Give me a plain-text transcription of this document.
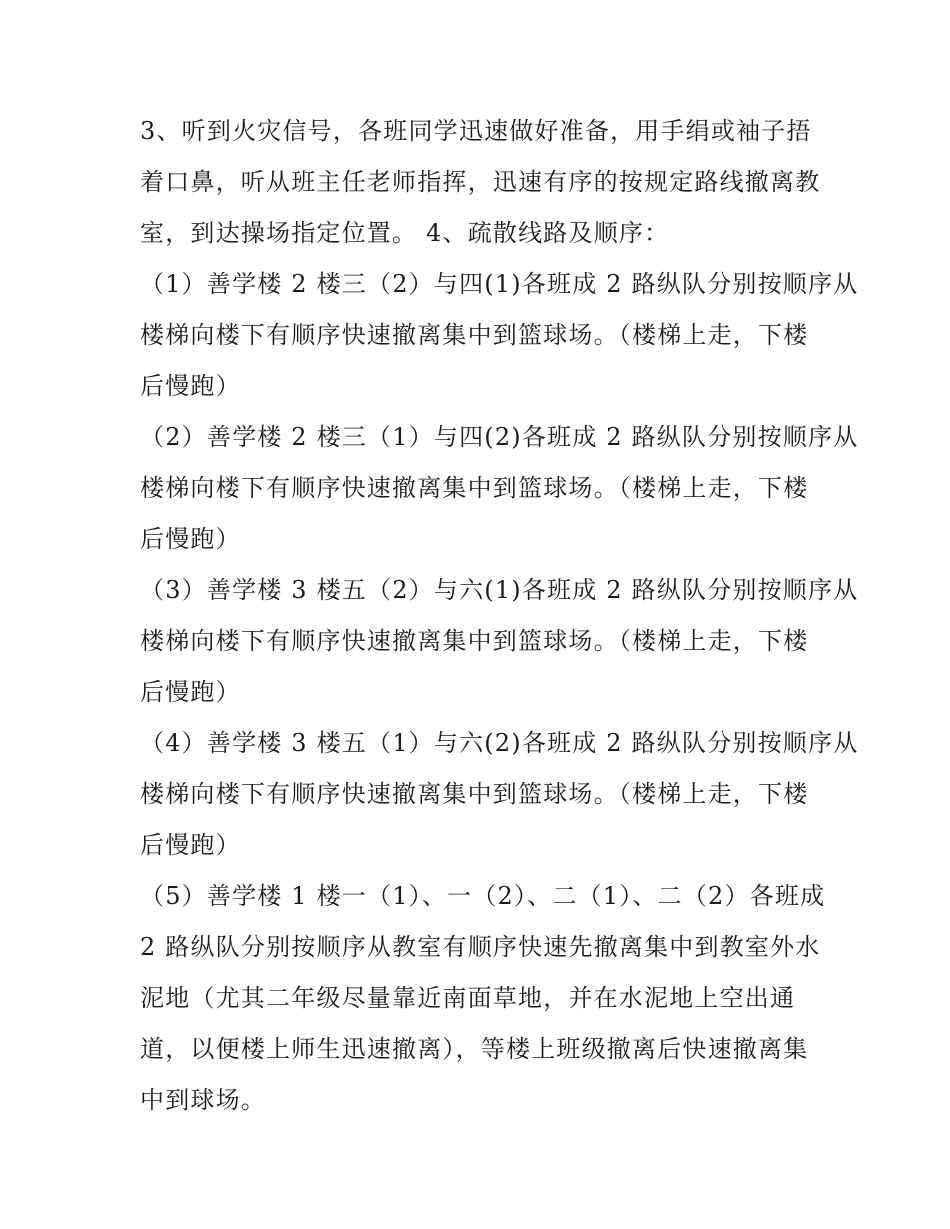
3、听到火灾信号，各班同学迅速做好准备，用手绢或袖子捂
着口鼻，听从班主任老师指挥，迅速有序的按规定路线撤离教
室，到达操场指定位置。 4、疏散线路及顺序：
（1）善学楼 2 楼三（2）与四(1)各班成 2 路纵队分别按顺序从
楼梯向楼下有顺序快速撤离集中到篮球场。（楼梯上走，下楼
后慢跑）
（2）善学楼 2 楼三（1）与四(2)各班成 2 路纵队分别按顺序从
楼梯向楼下有顺序快速撤离集中到篮球场。（楼梯上走，下楼
后慢跑）
（3）善学楼 3 楼五（2）与六(1)各班成 2 路纵队分别按顺序从
楼梯向楼下有顺序快速撤离集中到篮球场。（楼梯上走，下楼
后慢跑）
（4）善学楼 3 楼五（1）与六(2)各班成 2 路纵队分别按顺序从
楼梯向楼下有顺序快速撤离集中到篮球场。（楼梯上走，下楼
后慢跑）
（5）善学楼 1 楼一（1）、一（2）、二（1）、二（2）各班成
2 路纵队分别按顺序从教室有顺序快速先撤离集中到教室外水
泥地（尤其二年级尽量靠近南面草地，并在水泥地上空出通
道，以便楼上师生迅速撤离），等楼上班级撤离后快速撤离集
中到球场。
